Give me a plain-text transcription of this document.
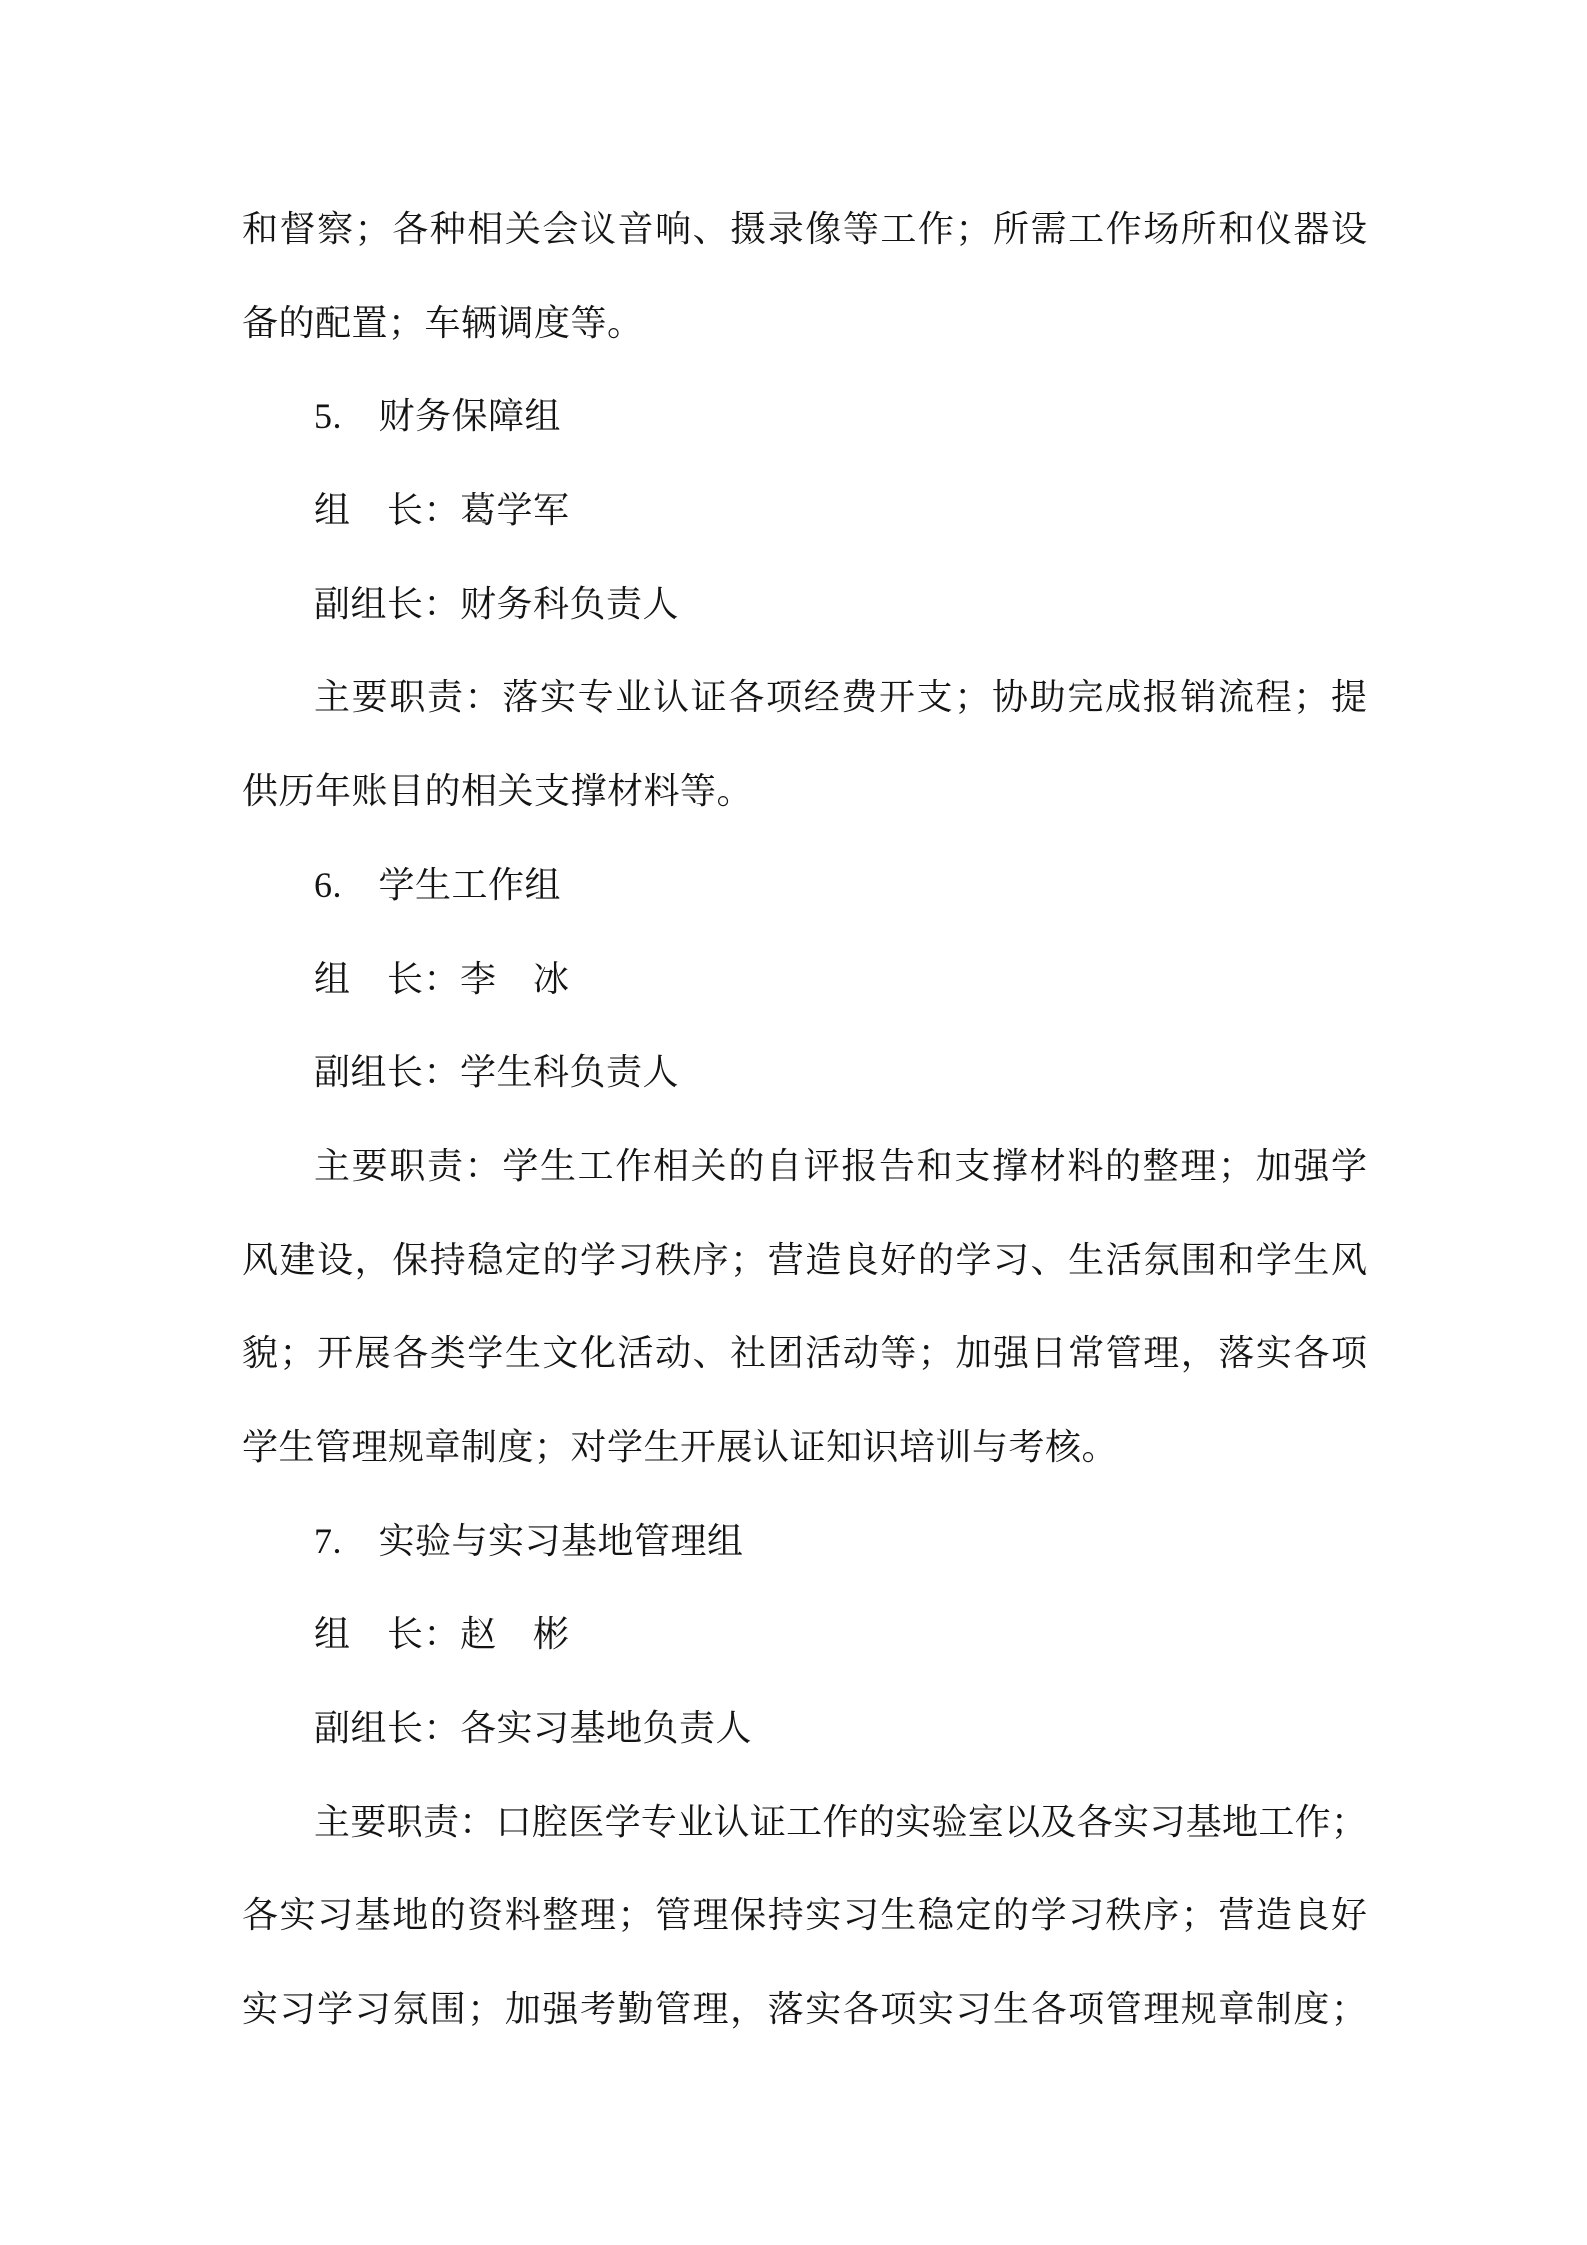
和督察；各种相关会议音响、摄录像等工作；所需工作场所和仪器设
备的配置；车辆调度等。
5.　财务保障组
组　长：葛学军
副组长：财务科负责人
主要职责：落实专业认证各项经费开支；协助完成报销流程；提
供历年账目的相关支撑材料等。
6.　学生工作组
组　长：李　冰
副组长：学生科负责人
主要职责：学生工作相关的自评报告和支撑材料的整理；加强学
风建设，保持稳定的学习秩序；营造良好的学习、生活氛围和学生风
貌；开展各类学生文化活动、社团活动等；加强日常管理，落实各项
学生管理规章制度；对学生开展认证知识培训与考核。
7.　实验与实习基地管理组
组　长：赵　彬
副组长：各实习基地负责人
主要职责：口腔医学专业认证工作的实验室以及各实习基地工作；
各实习基地的资料整理；管理保持实习生稳定的学习秩序；营造良好
实习学习氛围；加强考勤管理，落实各项实习生各项管理规章制度；
